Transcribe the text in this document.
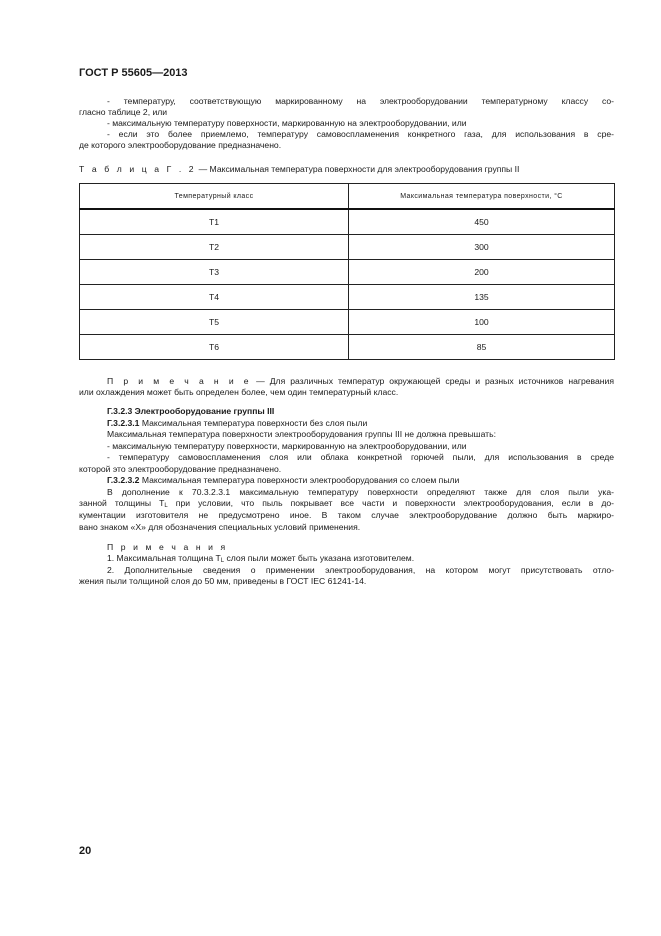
ГОСТ Р 55605—2013
- температуру, соответствующую маркированному на электрооборудовании температурному классу со-
гласно таблице 2, или
- максимальную температуру поверхности, маркированную на электрооборудовании, или
- если это более приемлемо, температуру самовоспламенения конкретного газа, для использования в сре-
де которого электрооборудование предназначено.
Т а б л и ц а Г . 2 — Максимальная температура поверхности для электрооборудования группы II
Температурный класс	Максимальная температура поверхности, °С
Т1	450
Т2	300
Т3	200
Т4	135
Т5	100
Т6	85
П р и м е ч а н и е — Для различных температур окружающей среды и разных источников нагревания
или охлаждения может быть определен более, чем один температурный класс.
Г.3.2.3 Электрооборудование группы III
Г.3.2.3.1 Максимальная температура поверхности без слоя пыли
Максимальная температура поверхности электрооборудования группы III не должна превышать:
- максимальную температуру поверхности, маркированную на электрооборудовании, или
- температуру самовоспламенения слоя или облака конкретной горючей пыли, для использования в среде
которой это электрооборудование предназначено.
Г.3.2.3.2 Максимальная температура поверхности электрооборудования со слоем пыли
В дополнение к 70.3.2.3.1 максимальную температуру поверхности определяют также для слоя пыли ука-
занной толщины $T_L$ при условии, что пыль покрывает все части и поверхности электрооборудования, если в до-
кументации изготовителя не предусмотрено иное. В таком случае электрооборудование должно быть маркиро-
вано знаком «X» для обозначения специальных условий применения.
П р и м е ч а н и я
1. Максимальная толщина $T_L$ слоя пыли может быть указана изготовителем.
2. Дополнительные сведения о применении электрооборудования, на котором могут присутствовать отло-
жения пыли толщиной слоя до 50 мм, приведены в ГОСТ IEC 61241-14.
20
